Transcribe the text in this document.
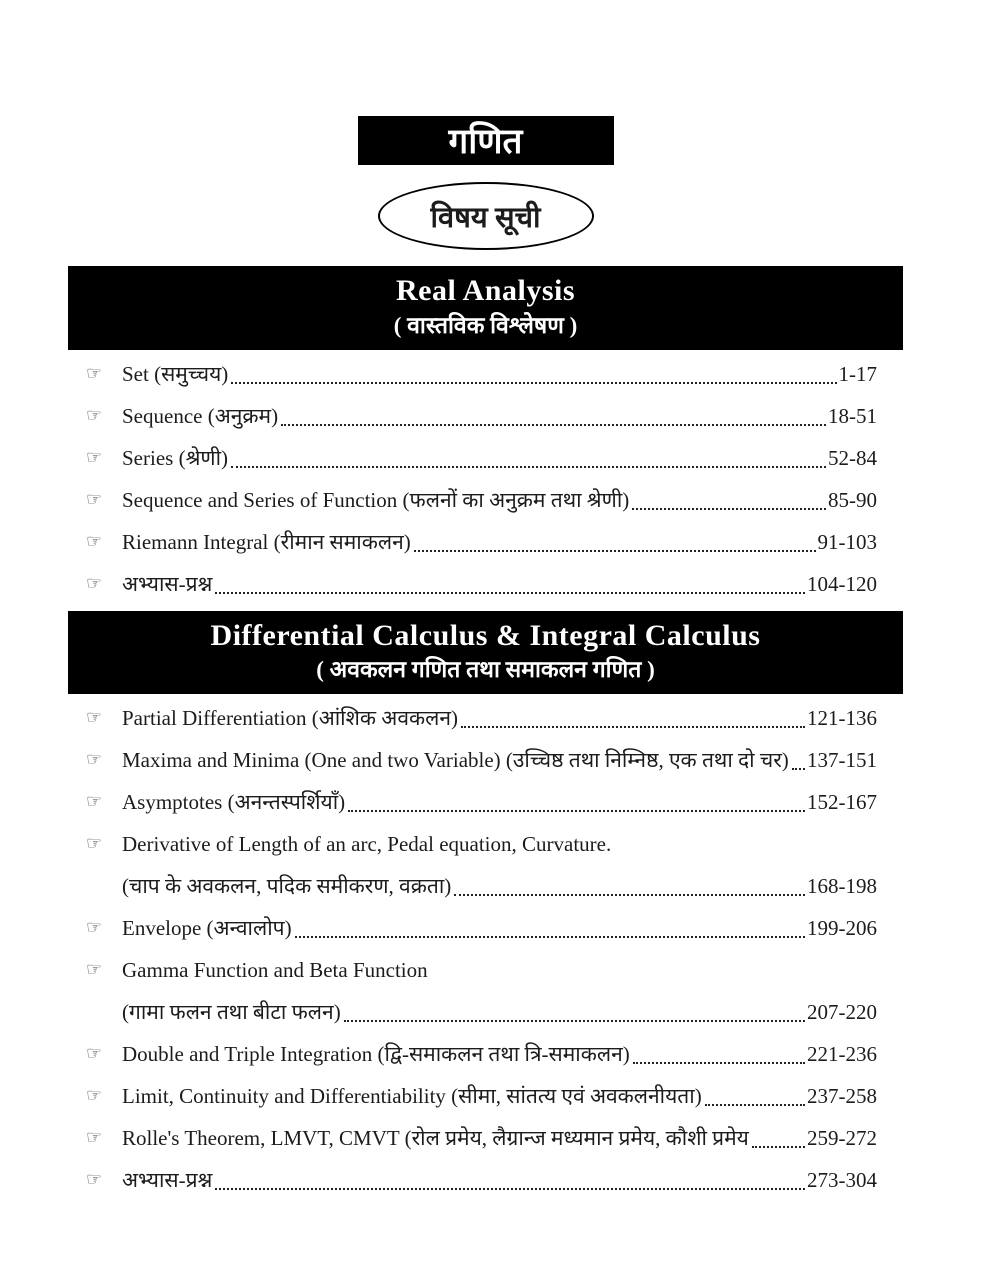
गणित
विषय सूची
Real Analysis
( वास्तविक विश्लेषण )
☞ Set (समुच्चय)	1-17
☞ Sequence (अनुक्रम)	18-51
☞ Series (श्रेणी)	52-84
☞ Sequence and Series of Function (फलनों का अनुक्रम तथा श्रेणी)	85-90
☞ Riemann Integral (रीमान समाकलन)	91-103
☞ अभ्यास-प्रश्न	104-120
Differential Calculus & Integral Calculus
( अवकलन गणित तथा समाकलन गणित )
☞ Partial Differentiation (आंशिक अवकलन)	121-136
☞ Maxima and Minima (One and two Variable) (उच्चिष्ठ तथा निम्निष्ठ, एक तथा दो चर) 137-151
☞ Asymptotes (अनन्तस्पर्शियाँ)	152-167
☞ Derivative of Length of an arc, Pedal equation, Curvature.
(चाप के अवकलन, पदिक समीकरण, वक्रता)	168-198
☞ Envelope (अन्वालोप)	199-206
☞ Gamma Function and Beta Function
(गामा फलन तथा बीटा फलन)	207-220
☞ Double and Triple Integration (द्वि-समाकलन तथा त्रि-समाकलन)	221-236
☞ Limit, Continuity and Differentiability (सीमा, सांतत्य एवं अवकलनीयता)	237-258
☞ Rolle's Theorem, LMVT, CMVT (रोल प्रमेय, लैग्रान्ज मध्यमान प्रमेय, कौशी प्रमेय	259-272
☞ अभ्यास-प्रश्न	273-304
